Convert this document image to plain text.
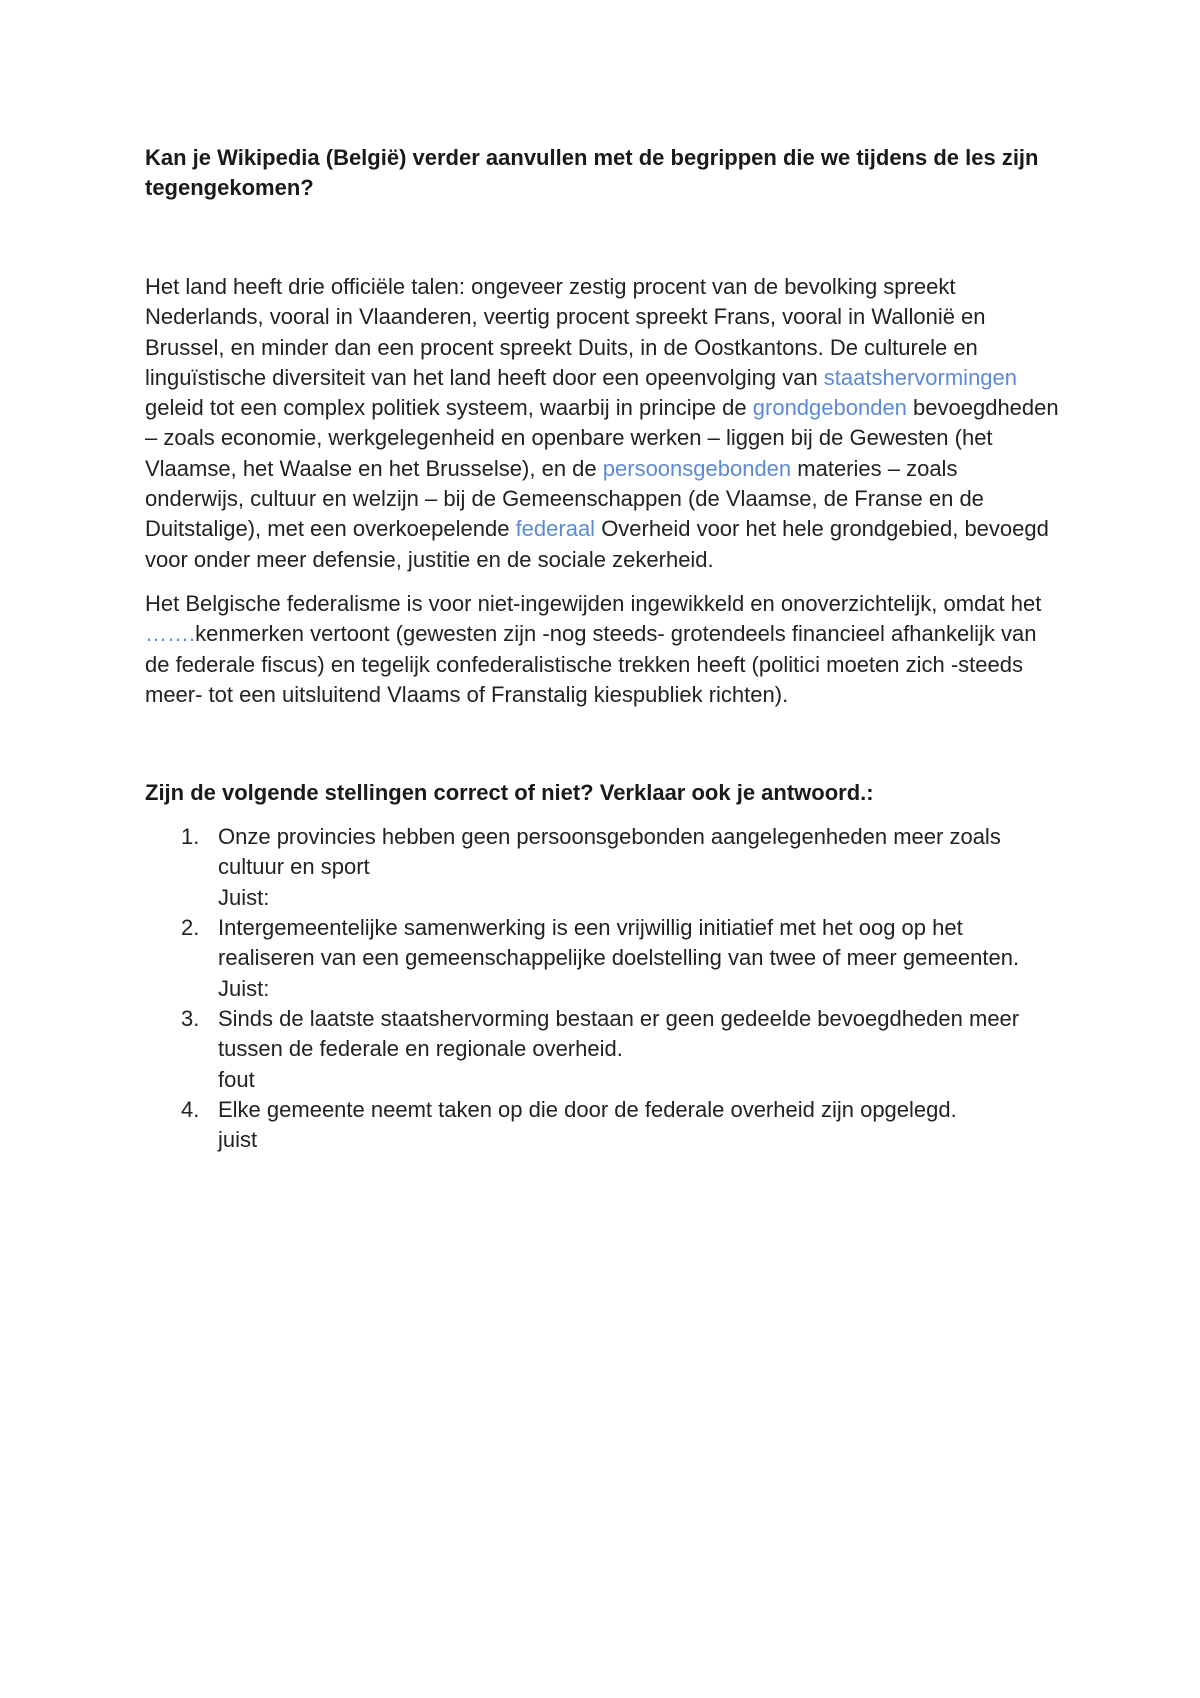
Kan je Wikipedia (België) verder aanvullen met de begrippen die we tijdens de les zijn tegengekomen?

Het land heeft drie officiële talen: ongeveer zestig procent van de bevolking spreekt Nederlands, vooral in Vlaanderen, veertig procent spreekt Frans, vooral in Wallonië en Brussel, en minder dan een procent spreekt Duits, in de Oostkantons. De culturele en linguïstische diversiteit van het land heeft door een opeenvolging van staatshervormingen geleid tot een complex politiek systeem, waarbij in principe de grondgebonden bevoegdheden – zoals economie, werkgelegenheid en openbare werken – liggen bij de Gewesten (het Vlaamse, het Waalse en het Brusselse), en de persoonsgebonden materies – zoals onderwijs, cultuur en welzijn – bij de Gemeenschappen (de Vlaamse, de Franse en de Duitstalige), met een overkoepelende federaal Overheid voor het hele grondgebied, bevoegd voor onder meer defensie, justitie en de sociale zekerheid.

Het Belgische federalisme is voor niet-ingewijden ingewikkeld en onoverzichtelijk, omdat het …….kenmerken vertoont (gewesten zijn -nog steeds- grotendeels financieel afhankelijk van de federale fiscus) en tegelijk confederalistische trekken heeft (politici moeten zich -steeds meer- tot een uitsluitend Vlaams of Franstalig kiespubliek richten).

Zijn de volgende stellingen correct of niet? Verklaar ook je antwoord.:

1. Onze provincies hebben geen persoonsgebonden aangelegenheden meer zoals cultuur en sport
Juist:
2. Intergemeentelijke samenwerking is een vrijwillig initiatief met het oog op het realiseren van een gemeenschappelijke doelstelling van twee of meer gemeenten.
Juist:
3. Sinds de laatste staatshervorming bestaan er geen gedeelde bevoegdheden meer tussen de federale en regionale overheid.
fout
4. Elke gemeente neemt taken op die door de federale overheid zijn opgelegd.
juist
